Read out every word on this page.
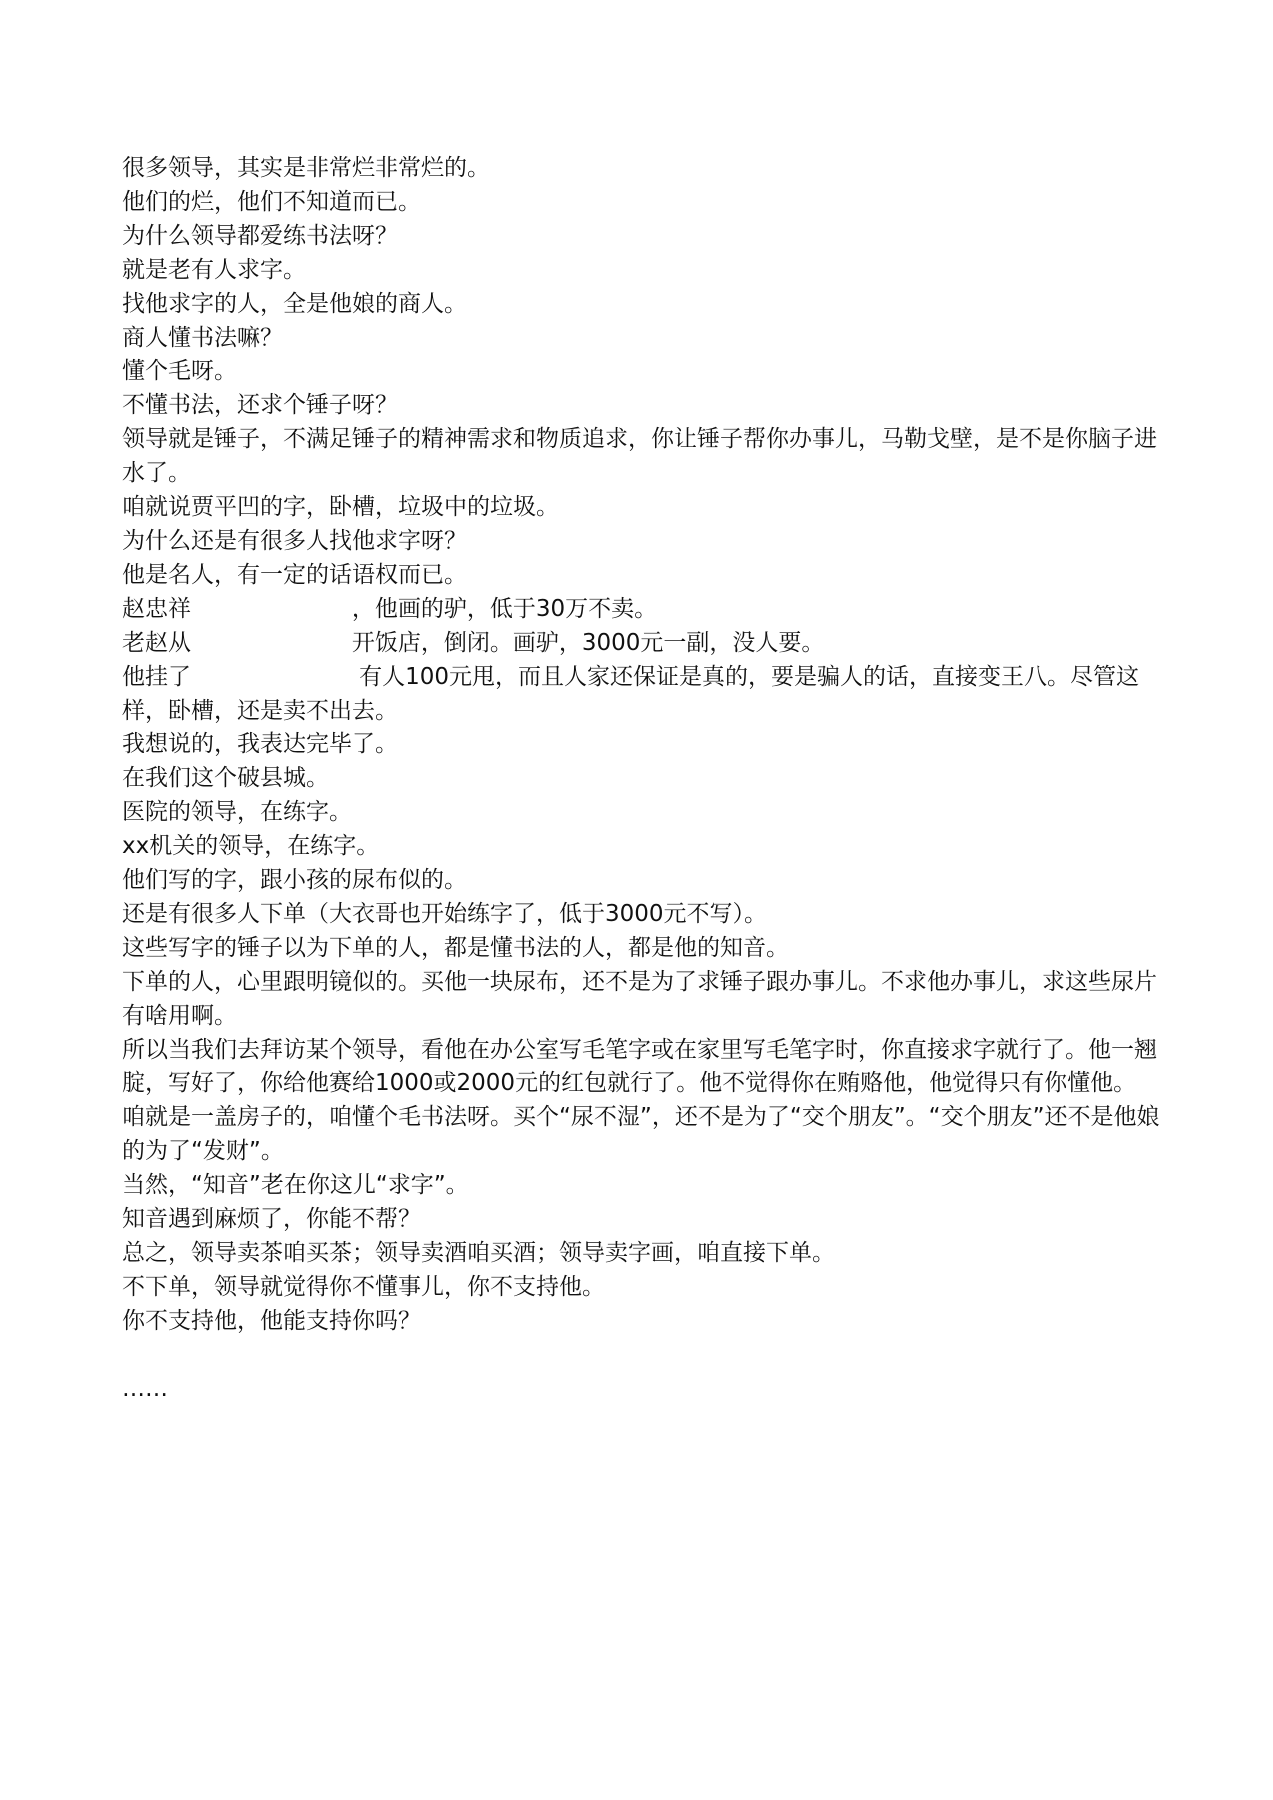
很多领导，其实是非常烂非常烂的。

他们的烂，他们不知道而已。

为什么领导都爱练书法呀？

就是老有人求字。

找他求字的人，全是他娘的商人。

商人懂书法嘛？

懂个毛呀。

不懂书法，还求个锤子呀？

领导就是锤子，不满足锤子的精神需求和物质追求，你让锤子帮你办事儿，马勒戈壁，是不是你脑子进水了。

咱就说贾平凹的字，卧槽，垃圾中的垃圾。

为什么还是有很多人找他求字呀？

他是名人，有一定的话语权而已。

赵忠祥                      ，他画的驴，低于30万不卖。

老赵从                      开饭店，倒闭。画驴，3000元一副，没人要。

他挂了                       有人100元甩，而且人家还保证是真的，要是骗人的话，直接变王八。尽管这样，卧槽，还是卖不出去。

我想说的，我表达完毕了。

在我们这个破县城。

医院的领导，在练字。

xx机关的领导，在练字。

他们写的字，跟小孩的尿布似的。

还是有很多人下单（大衣哥也开始练字了，低于3000元不写）。

这些写字的锤子以为下单的人，都是懂书法的人，都是他的知音。

下单的人，心里跟明镜似的。买他一块尿布，还不是为了求锤子跟办事儿。不求他办事儿，求这些尿片有啥用啊。

所以当我们去拜访某个领导，看他在办公室写毛笔字或在家里写毛笔字时，你直接求字就行了。他一翘腚，写好了，你给他赛给1000或2000元的红包就行了。他不觉得你在贿赂他，他觉得只有你懂他。

咱就是一盖房子的，咱懂个毛书法呀。买个“尿不湿”，还不是为了“交个朋友”。“交个朋友”还不是他娘的为了“发财”。

当然，“知音”老在你这儿“求字”。

知音遇到麻烦了，你能不帮？

总之，领导卖茶咱买茶；领导卖酒咱买酒；领导卖字画，咱直接下单。

不下单，领导就觉得你不懂事儿，你不支持他。

你不支持他，他能支持你吗？

……
